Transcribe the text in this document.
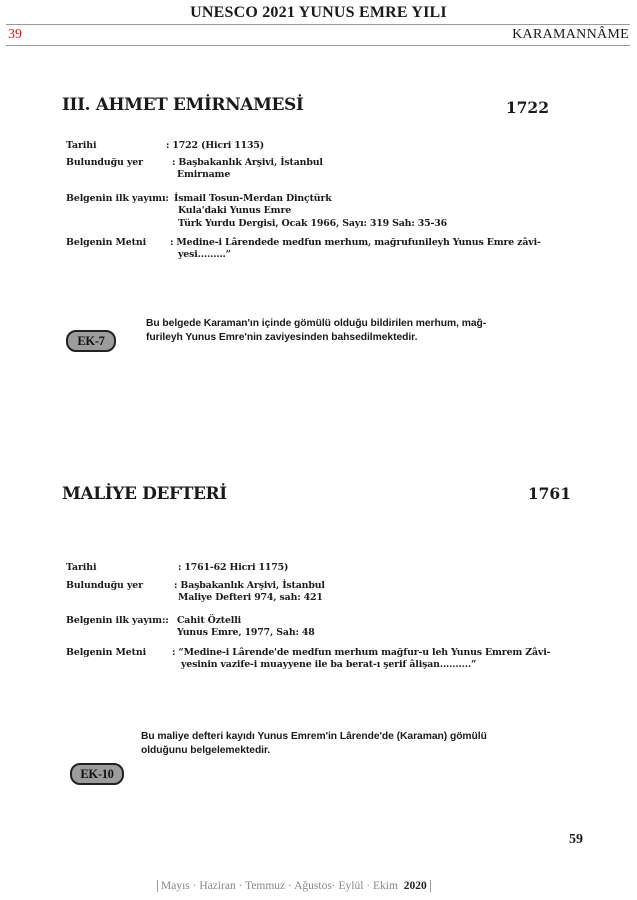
UNESCO 2021 YUNUS EMRE YILI
39	KARAMANNÂME
III. AHMET EMİRNAMESİ	1722
Tarihi	: 1722 (Hicri 1135)
Bulunduğu yer	: Başbakanlık Arşivi, İstanbul
Emirname
Belgenin ilk yayımı: İsmail Tosun-Merdan Dinçtürk
Kula'daki Yunus Emre
Türk Yurdu Dergisi, Ocak 1966, Sayı: 319 Sah: 35-36
Belgenin Metni	: Medine-i Lârendede medfun merhum, mağrufunileyh Yunus Emre zâvi-
yesi.........”
EK-7
Bu belgede Karaman'ın içinde gömülü olduğu bildirilen merhum, mağ-
furileyh Yunus Emre'nin zaviyesinden bahsedilmektedir.
MALİYE DEFTERİ	1761
Tarihi	: 1761-62 Hicri 1175)
Bulunduğu yer	: Başbakanlık Arşivi, İstanbul
Maliye Defteri 974, sah: 421
Belgenin ilk yayım:: Cahit Öztelli
Yunus Emre, 1977, Sah: 48
Belgenin Metni	: “Medine-i Lârende'de medfun merhum mağfur-u leh Yunus Emrem Zâvi-
yesinin vazife-i muayyene ile ba berat-ı şerif âlişan..........”
Bu maliye defteri kayıdı Yunus Emrem'in Lârende'de (Karaman) gömülü
olduğunu belgelemektedir.
EK-10
59
Mayıs · Haziran · Temmuz · Ağustos· Eylül · Ekim 2020
